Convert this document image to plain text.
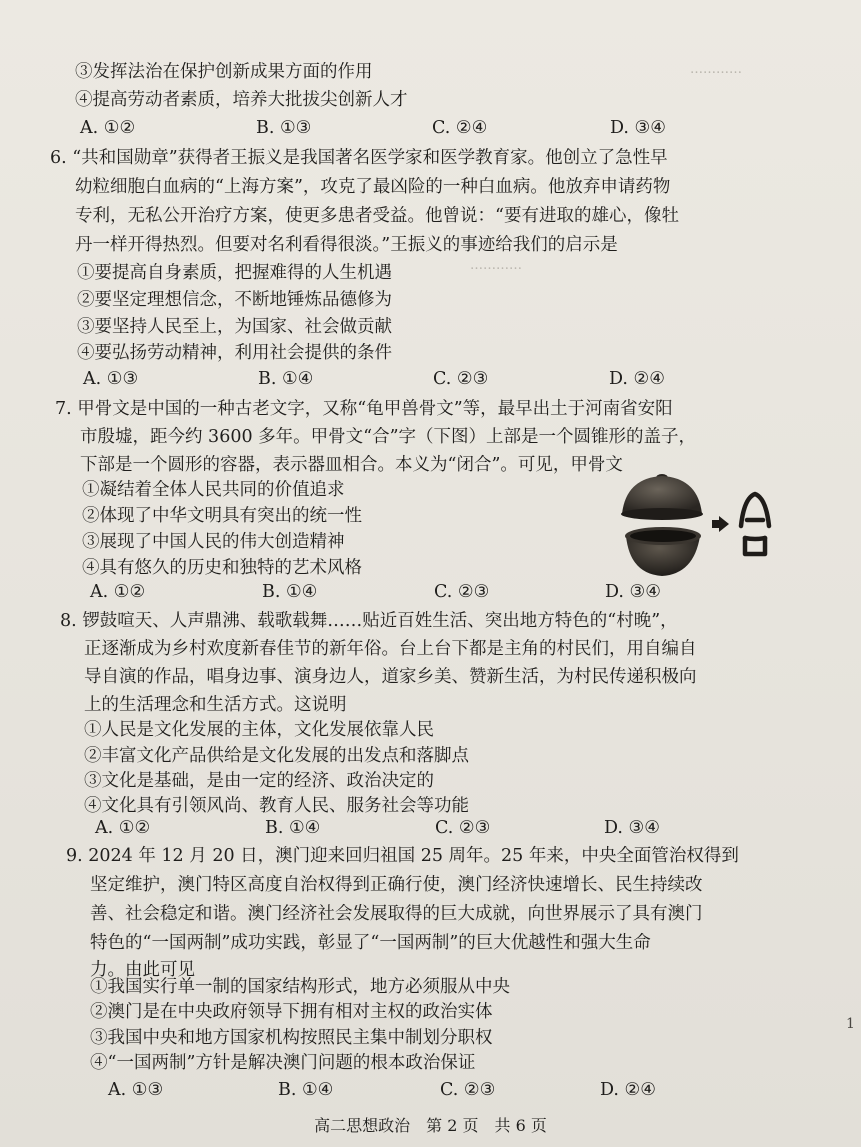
…………
…………
③发挥法治在保护创新成果方面的作用
④提高劳动者素质，培养大批拔尖创新人才
A. ①②	B. ①③	C. ②④	D. ③④
6. “共和国勋章”获得者王振义是我国著名医学家和医学教育家。他创立了急性早
幼粒细胞白血病的“上海方案”，攻克了最凶险的一种白血病。他放弃申请药物
专利，无私公开治疗方案，使更多患者受益。他曾说：“要有进取的雄心，像牡
丹一样开得热烈。但要对名利看得很淡。”王振义的事迹给我们的启示是
①要提高自身素质，把握难得的人生机遇
②要坚定理想信念，不断地锤炼品德修为
③要坚持人民至上，为国家、社会做贡献
④要弘扬劳动精神，利用社会提供的条件
A. ①③	B. ①④	C. ②③	D. ②④
7. 甲骨文是中国的一种古老文字，又称“龟甲兽骨文”等，最早出土于河南省安阳
市殷墟，距今约 3600 多年。甲骨文“合”字（下图）上部是一个圆锥形的盖子，
下部是一个圆形的容器，表示器皿相合。本义为“闭合”。可见，甲骨文
①凝结着全体人民共同的价值追求
②体现了中华文明具有突出的统一性
③展现了中国人民的伟大创造精神
④具有悠久的历史和独特的艺术风格
A. ①②	B. ①④	C. ②③	D. ③④
8. 锣鼓喧天、人声鼎沸、载歌载舞……贴近百姓生活、突出地方特色的“村晚”，
正逐渐成为乡村欢度新春佳节的新年俗。台上台下都是主角的村民们，用自编自
导自演的作品，唱身边事、演身边人，道家乡美、赞新生活，为村民传递积极向
上的生活理念和生活方式。这说明
①人民是文化发展的主体，文化发展依靠人民
②丰富文化产品供给是文化发展的出发点和落脚点
③文化是基础，是由一定的经济、政治决定的
④文化具有引领风尚、教育人民、服务社会等功能
A. ①②	B. ①④	C. ②③	D. ③④
9. 2024 年 12 月 20 日，澳门迎来回归祖国 25 周年。25 年来，中央全面管治权得到
坚定维护，澳门特区高度自治权得到正确行使，澳门经济快速增长、民生持续改
善、社会稳定和谐。澳门经济社会发展取得的巨大成就，向世界展示了具有澳门
特色的“一国两制”成功实践，彰显了“一国两制”的巨大优越性和强大生命
力。由此可见
①我国实行单一制的国家结构形式，地方必须服从中央
②澳门是在中央政府领导下拥有相对主权的政治实体
③我国中央和地方国家机构按照民主集中制划分职权
④“一国两制”方针是解决澳门问题的根本政治保证
A. ①③	B. ①④	C. ②③	D. ②④
1
高二思想政治　第 2 页　共 6 页
